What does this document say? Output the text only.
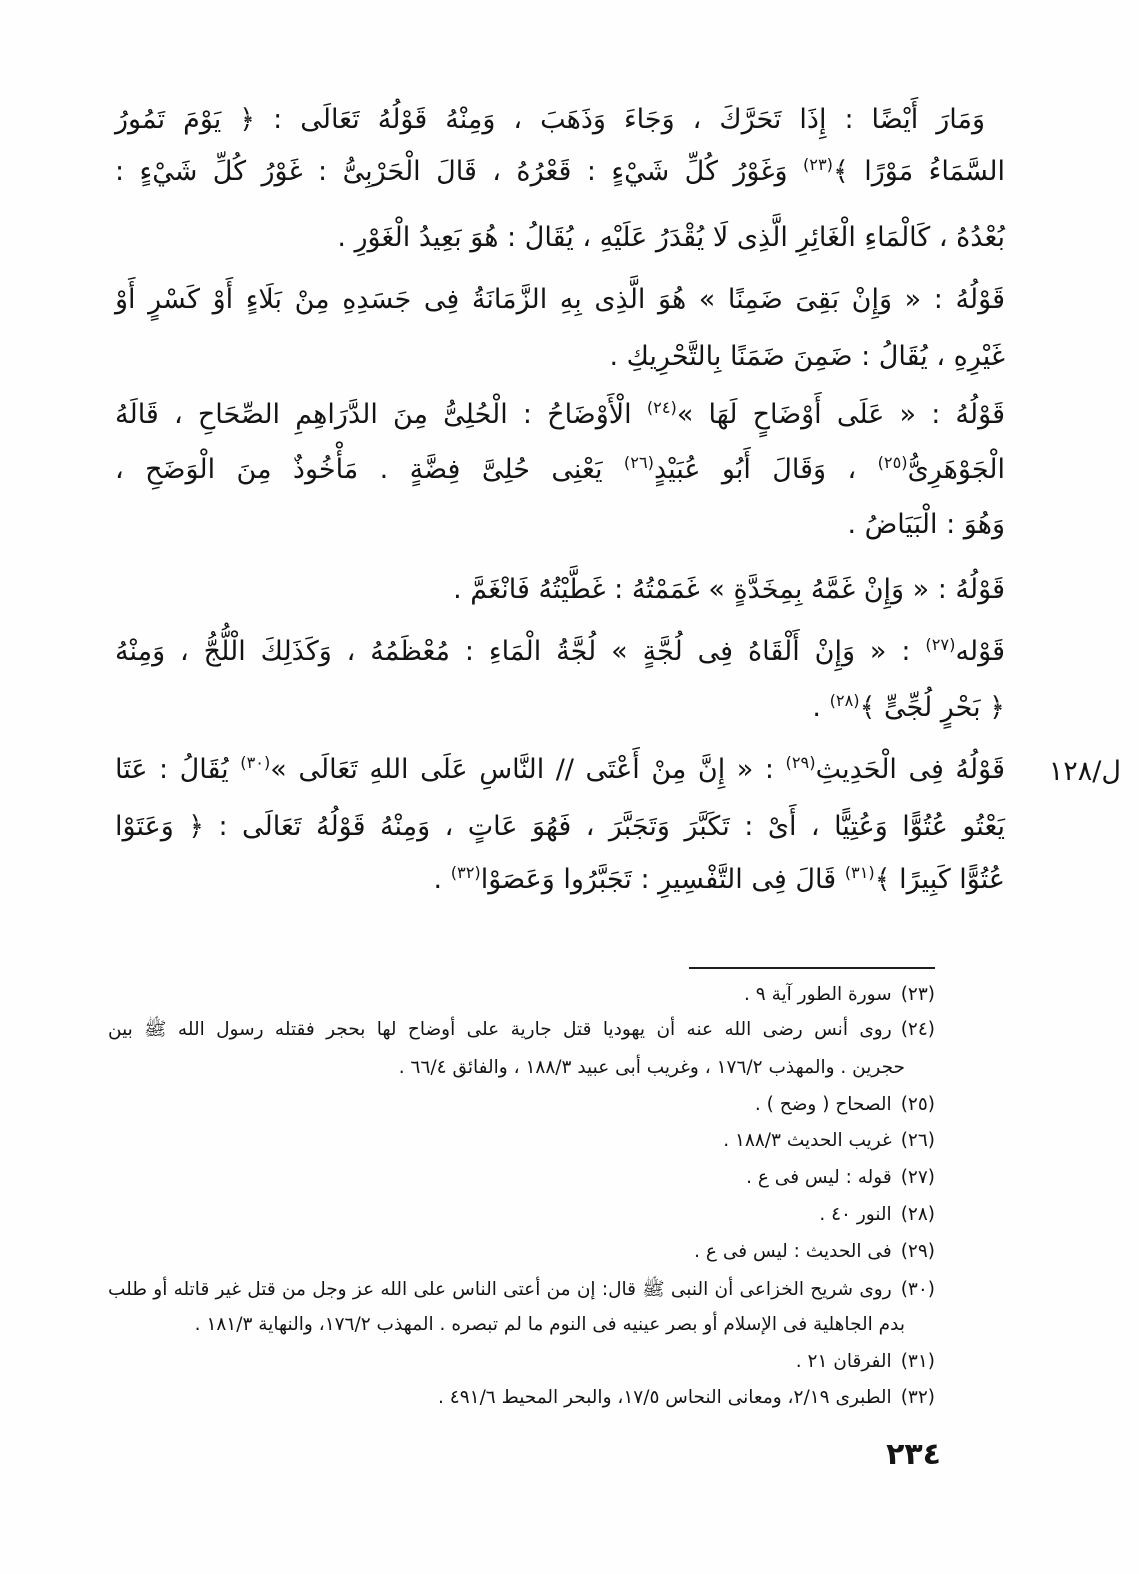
وَمَارَ أَيْضًا : إِذَا تَحَرَّكَ ، وَجَاءَ وَذَهَبَ ، وَمِنْهُ قَوْلُهُ تَعَالَى : ﴿ يَوْمَ تَمُورُ
السَّمَاءُ مَوْرًا ﴾$^{(٢٣)}$ وَغَوْرُ كُلِّ شَيْءٍ : قَعْرُهُ ، قَالَ الْحَرْبِىُّ : غَوْرُ كُلِّ شَيْءٍ :
بُعْدُهُ ، كَالْمَاءِ الْغَائِرِ الَّذِى لَا يُقْدَرُ عَلَيْهِ ، يُقَالُ : هُوَ بَعِيدُ الْغَوْرِ .
قَوْلُهُ : « وَإِنْ بَقِىَ ضَمِنًا » هُوَ الَّذِى بِهِ الزَّمَانَةُ فِى جَسَدِهِ مِنْ بَلَاءٍ أَوْ كَسْرٍ أَوْ
غَيْرِهِ ، يُقَالُ : ضَمِنَ ضَمَنًا بِالتَّحْرِيكِ .
قَوْلُهُ : « عَلَى أَوْضَاحٍ لَهَا »$^{(٢٤)}$ الْأَوْضَاحُ : الْحُلِىُّ مِنَ الدَّرَاهِمِ الصِّحَاحِ ، قَالَهُ
الْجَوْهَرِىُّ$^{(٢٥)}$ ، وَقَالَ أَبُو عُبَيْدٍ$^{(٢٦)}$ يَعْنِى حُلِىَّ فِضَّةٍ . مَأْخُوذٌ مِنَ الْوَضَحِ ،
وَهُوَ : الْبَيَاضُ .
قَوْلُهُ : « وَإِنْ غَمَّهُ بِمِخَدَّةٍ » غَمَمْتُهُ : غَطَّيْتُهُ فَانْغَمَّ .
قَوْله$^{(٢٧)}$ : « وَإِنْ أَلْقَاهُ فِى لُجَّةٍ » لُجَّةُ الْمَاءِ : مُعْظَمُهُ ، وَكَذَلِكَ الْلُّجُّ ، وَمِنْهُ
﴿ بَحْرٍ لُجِّىٍّ ﴾$^{(٢٨)}$ .
قَوْلُهُ فِى الْحَدِيثِ$^{(٢٩)}$ : « إِنَّ مِنْ أَعْتَى // النَّاسِ عَلَى اللهِ تَعَالَى »$^{(٣٠)}$ يُقَالُ : عَتَا
يَعْتُو عُتُوًّا وَعُتِيًّا ، أَىْ : تَكَبَّرَ وَتَجَبَّرَ ، فَهُوَ عَاتٍ ، وَمِنْهُ قَوْلُهُ تَعَالَى : ﴿ وَعَتَوْا
عُتُوًّا كَبِيرًا ﴾$^{(٣١)}$ قَالَ فِى التَّفْسِيرِ : تَجَبَّرُوا وَعَصَوْا$^{(٣٢)}$ .
ل/١٢٨
(٢٣)سورة الطور آية ٩ .
(٢٤)روى أنس رضى الله عنه أن يهوديا قتل جارية على أوضاح لها بحجر فقتله رسول الله ﷺ بين
حجرين . والمهذب ١٧٦/٢ ، وغريب أبى عبيد ١٨٨/٣ ، والفائق ٦٦/٤ .
(٢٥)الصحاح ( وضح ) .
(٢٦)غريب الحديث ١٨٨/٣ .
(٢٧)قوله : ليس فى ع .
(٢٨)النور ٤٠ .
(٢٩)فى الحديث : ليس فى ع .
(٣٠)روى شريح الخزاعى أن النبى ﷺ قال: إن من أعتى الناس على الله عز وجل من قتل غير قاتله أو طلب
بدم الجاهلية فى الإسلام أو بصر عينيه فى النوم ما لم تبصره . المهذب ١٧٦/٢، والنهاية ١٨١/٣ .
(٣١)الفرقان ٢١ .
(٣٢)الطبرى ٢/١٩، ومعانى النحاس ١٧/٥، والبحر المحيط ٤٩١/٦ .
٢٣٤
